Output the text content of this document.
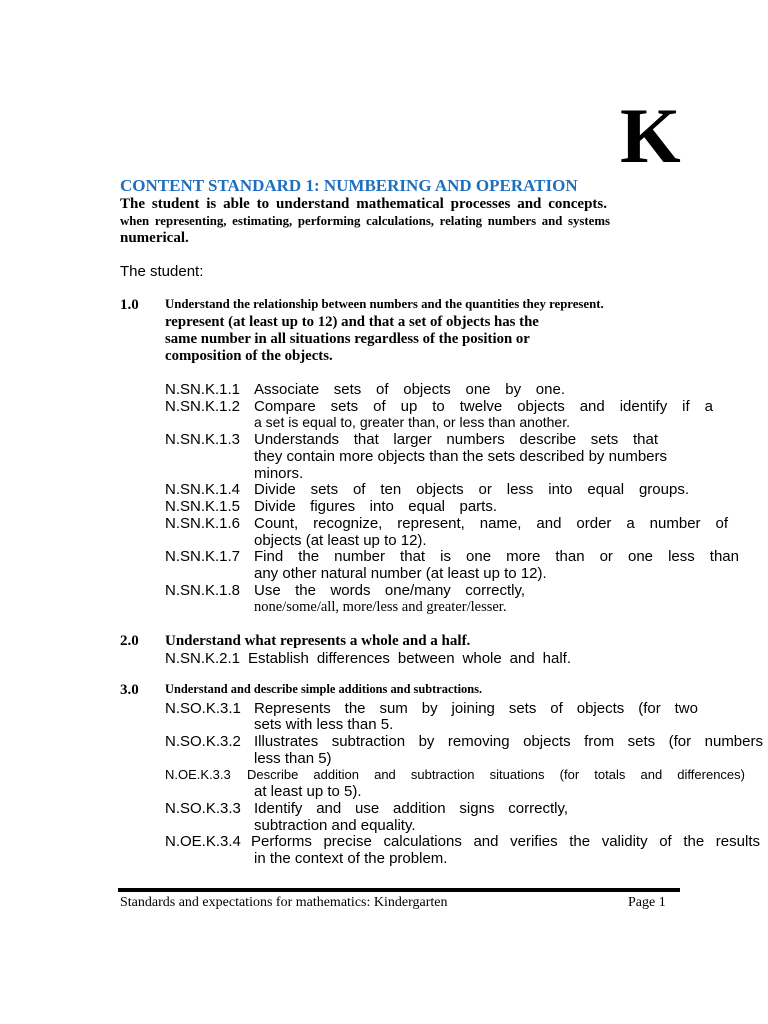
K
CONTENT STANDARD 1: NUMBERING AND OPERATION
The student is able to understand mathematical processes and concepts.
when representing, estimating, performing calculations, relating numbers and systems
numerical.
The student:
1.0 Understand the relationship between numbers and the quantities they represent.
represent (at least up to 12) and that a set of objects has the
same number in all situations regardless of the position or
composition of the objects.
N.SN.K.1.1 Associate sets of objects one by one.
N.SN.K.1.2 Compare sets of up to twelve objects and identify if a
a set is equal to, greater than, or less than another.
N.SN.K.1.3 Understands that larger numbers describe sets that
they contain more objects than the sets described by numbers
minors.
N.SN.K.1.4 Divide sets of ten objects or less into equal groups.
N.SN.K.1.5 Divide figures into equal parts.
N.SN.K.1.6 Count, recognize, represent, name, and order a number of
objects (at least up to 12).
N.SN.K.1.7 Find the number that is one more than or one less than
any other natural number (at least up to 12).
N.SN.K.1.8 Use the words one/many correctly,
none/some/all, more/less and greater/lesser.
2.0 Understand what represents a whole and a half.
N.SN.K.2.1 Establish differences between whole and half.
3.0 Understand and describe simple additions and subtractions.
N.SO.K.3.1 Represents the sum by joining sets of objects (for two
sets with less than 5.
N.SO.K.3.2 Illustrates subtraction by removing objects from sets (for numbers
less than 5)
N.OE.K.3.3	Describe addition and subtraction situations (for totals and differences)
at least up to 5).
N.SO.K.3.3 Identify and use addition signs correctly,
subtraction and equality.
N.OE.K.3.4 Performs precise calculations and verifies the validity of the results
in the context of the problem.
Standards and expectations for mathematics: Kindergarten	Page 1
